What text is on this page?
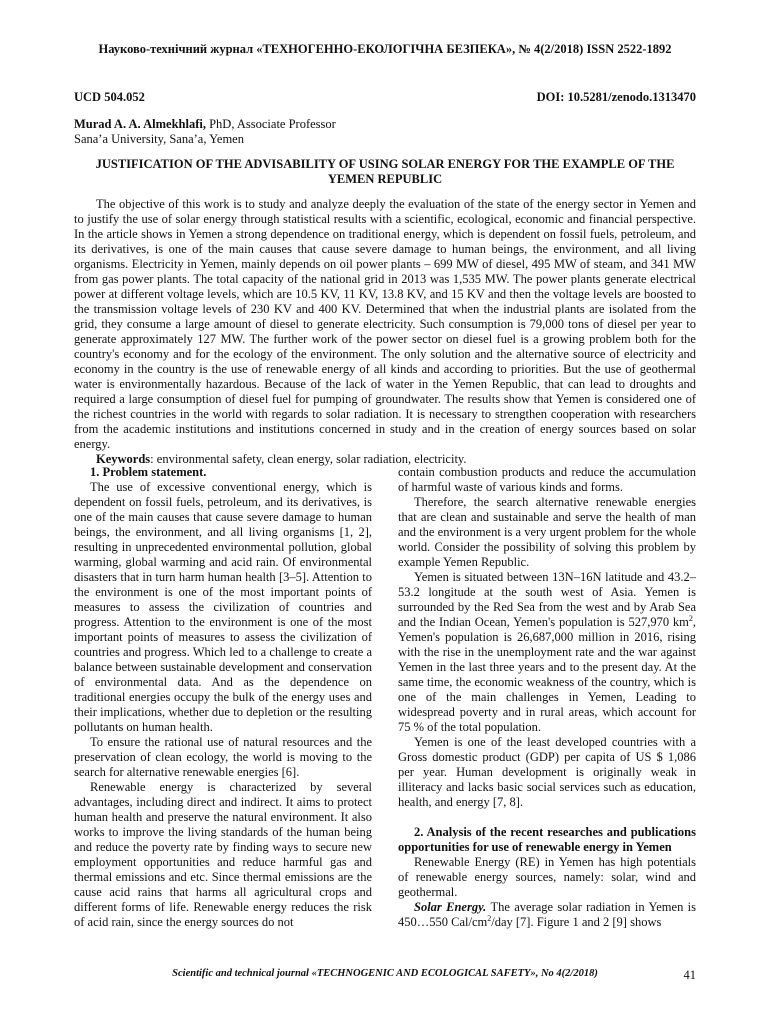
Науково-технічний журнал «ТЕХНОГЕННО-ЕКОЛОГІЧНА БЕЗПЕКА», № 4(2/2018) ISSN 2522-1892
UCD 504.052	DOI: 10.5281/zenodo.1313470
Murad A. A. Almekhlafi, PhD, Associate Professor
Sana’a University, Sana’a, Yemen
JUSTIFICATION OF THE ADVISABILITY OF USING SOLAR ENERGY FOR THE EXAMPLE OF THE YEMEN REPUBLIC

The objective of this work is to study and analyze deeply the evaluation of the state of the energy sector in Yemen and to justify the use of solar energy through statistical results with a scientific, ecological, economic and financial perspective. In the article shows in Yemen a strong dependence on traditional energy, which is dependent on fossil fuels, petroleum, and its derivatives, is one of the main causes that cause severe damage to human beings, the environment, and all living organisms. Electricity in Yemen, mainly depends on oil power plants – 699 MW of diesel, 495 MW of steam, and 341 MW from gas power plants. The total capacity of the national grid in 2013 was 1,535 MW. The power plants generate electrical power at different voltage levels, which are 10.5 KV, 11 KV, 13.8 KV, and 15 KV and then the voltage levels are boosted to the transmission voltage levels of 230 KV and 400 KV. Determined that when the industrial plants are isolated from the grid, they consume a large amount of diesel to generate electricity. Such consumption is 79,000 tons of diesel per year to generate approximately 127 MW. The further work of the power sector on diesel fuel is a growing problem both for the country's economy and for the ecology of the environment. The only solution and the alternative source of electricity and economy in the country is the use of renewable energy of all kinds and according to priorities. But the use of geothermal water is environmentally hazardous. Because of the lack of water in the Yemen Republic, that can lead to droughts and required a large consumption of diesel fuel for pumping of groundwater. The results show that Yemen is considered one of the richest countries in the world with regards to solar radiation. It is necessary to strengthen cooperation with researchers from the academic institutions and institutions concerned in study and in the creation of energy sources based on solar energy.

Keywords: environmental safety, clean energy, solar radiation, electricity.

1. Problem statement.

The use of excessive conventional energy, which is dependent on fossil fuels, petroleum, and its derivatives, is one of the main causes that cause severe damage to human beings, the environment, and all living organisms [1, 2], resulting in unprecedented environmental pollution, global warming, global warming and acid rain. Of environmental disasters that in turn harm human health [3–5]. Attention to the environment is one of the most important points of measures to assess the civilization of countries and progress. Attention to the environment is one of the most important points of measures to assess the civilization of countries and progress. Which led to a challenge to create a balance between sustainable development and conservation of environmental data. And as the dependence on traditional energies occupy the bulk of the energy uses and their implications, whether due to depletion or the resulting pollutants on human health.

To ensure the rational use of natural resources and the preservation of clean ecology, the world is moving to the search for alternative renewable energies [6].

Renewable energy is characterized by several advantages, including direct and indirect. It aims to protect human health and preserve the natural environment. It also works to improve the living standards of the human being and reduce the poverty rate by finding ways to secure new employment opportunities and reduce harmful gas and thermal emissions and etc. Since thermal emissions are the cause acid rains that harms all agricultural crops and different forms of life. Renewable energy reduces the risk of acid rain, since the energy sources do not

contain combustion products and reduce the accumulation of harmful waste of various kinds and forms.

Therefore, the search alternative renewable energies that are clean and sustainable and serve the health of man and the environment is a very urgent problem for the whole world. Consider the possibility of solving this problem by example Yemen Republic.

Yemen is situated between 13N–16N latitude and 43.2–53.2 longitude at the south west of Asia. Yemen is surrounded by the Red Sea from the west and by Arab Sea and the Indian Ocean, Yemen's population is 527,970 $km^2$, Yemen's population is 26,687,000 million in 2016, rising with the rise in the unemployment rate and the war against Yemen in the last three years and to the present day. At the same time, the economic weakness of the country, which is one of the main challenges in Yemen, Leading to widespread poverty and in rural areas, which account for 75 % of the total population.

Yemen is one of the least developed countries with a Gross domestic product (GDP) per capita of US $ 1,086 per year. Human development is originally weak in illiteracy and lacks basic social services such as education, health, and energy [7, 8].

2. Analysis of the recent researches and publications opportunities for use of renewable energy in Yemen

Renewable Energy (RE) in Yemen has high potentials of renewable energy sources, namely: solar, wind and geothermal.

Solar Energy. The average solar radiation in Yemen is 450…550 Cal/$cm^2$/day [7]. Figure 1 and 2 [9] shows

Scientific and technical journal «TECHNOGENIC AND ECOLOGICAL SAFETY», No 4(2/2018)	41
